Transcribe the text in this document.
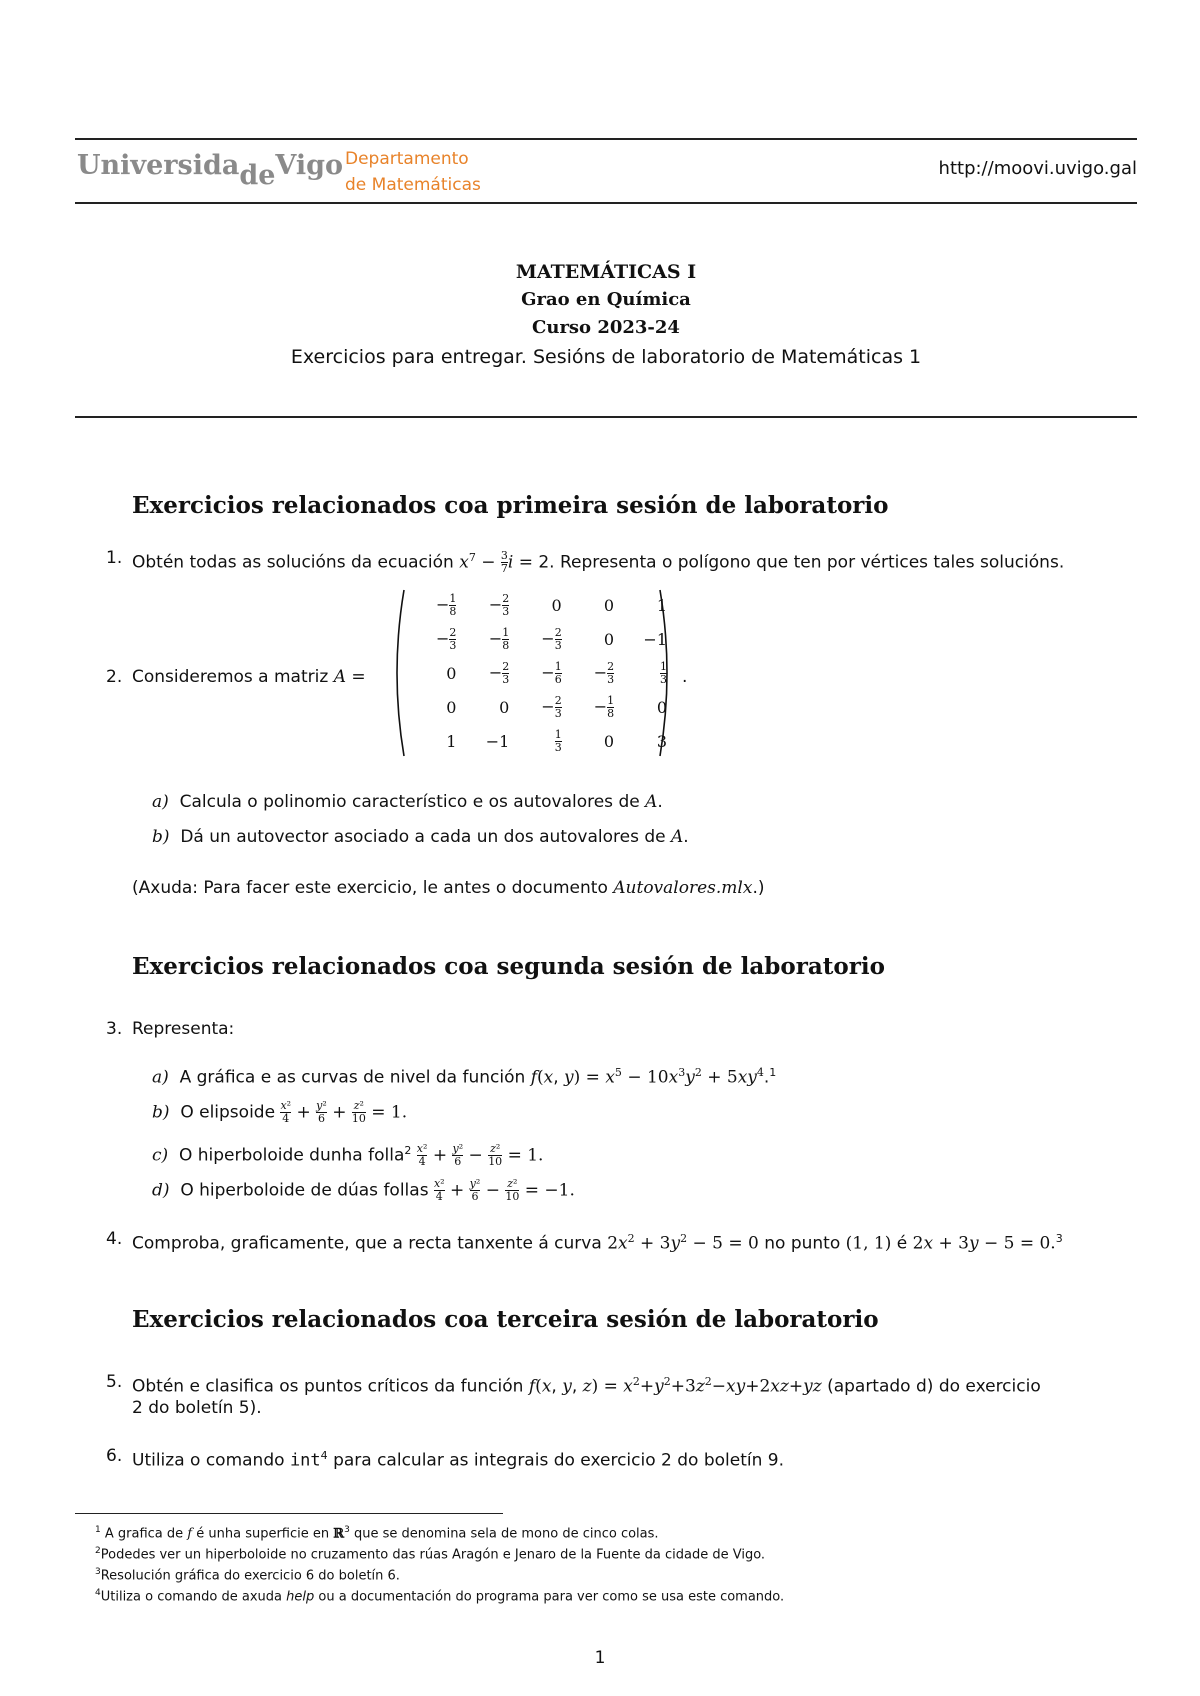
UniversidadeVigo Departamento
de Matemáticas
http://moovi.uvigo.gal
MATEMÁTICAS I
Grao en Química
Curso 2023-24
Exercicios para entregar. Sesións de laboratorio de Matemáticas 1
Exercicios relacionados coa primeira sesión de laboratorio
1. Obtén todas as solucións da ecuación $x^7 - \frac{3}{7}$ i = 2. Representa o polígono que ten por vértices tales solucións.
2. Consideremos a matriz A =
− $\frac{1}{8}$	− $\frac{2}{3}$	0	0	1
− $\frac{2}{3}$	− $\frac{1}{8}$	− $\frac{2}{3}$	0	−1
0	− $\frac{2}{3}$	− $\frac{1}{6}$	− $\frac{2}{3}$	$\frac{1}{3}$

0	0	− $\frac{2}{3}$	− $\frac{1}{8}$	0
1	−1	$\frac{1}{3}$	0	3
.
a) Calcula o polinomio característico e os autovalores de A.
b) Dá un autovector asociado a cada un dos autovalores de A.
(Axuda: Para facer este exercicio, le antes o documento Autovalores.mlx.)
Exercicios relacionados coa segunda sesión de laboratorio
3. Representa:
a) A gráfica e as curvas de nivel da función f(x, $y) = x^5 - 10x^3y^2 + 5xy^4.^1$
b) O elipsoide $\frac{\text{x²}}{4} + \frac{\text{y²}}{6} + \frac{\text{z²}}{10} = 1$.
c) O hiperboloide dunha folla$^2$ $\frac{\text{x²}}{4} + \frac{\text{y²}}{6} - \frac{\text{z²}}{10} = 1$.
d) O hiperboloide de dúas follas $\frac{\text{x²}}{4} + \frac{\text{y²}}{6} - \frac{\text{z²}}{10} = -1$.
4. Comproba, graficamente, que a recta tanxente á curva $2x^2 + 3y^2 - 5 = 0$ no punto (1, 1) é 2x + 3y − 5 = 0.$^3$
Exercicios relacionados coa terceira sesión de laboratorio
5. Obtén e clasifica os puntos críticos da función f(x, y, $z) = x^2+y^2+3z^2-xy+2xz+yz$ (apartado d) do exercicio
2 do boletín 5).
6. Utiliza o comando int$^4$ para calcular as integrais do exercicio 2 do boletín 9.
$^1$ A grafica de f é unha superficie en ℝ$^3$ que se denomina sela de mono de cinco colas.
$^2$Podedes ver un hiperboloide no cruzamento das rúas Aragón e Jenaro de la Fuente da cidade de Vigo.
$^3$Resolución gráfica do exercicio 6 do boletín 6.
$^4$Utiliza o comando de axuda help ou a documentación do programa para ver como se usa este comando.
1
